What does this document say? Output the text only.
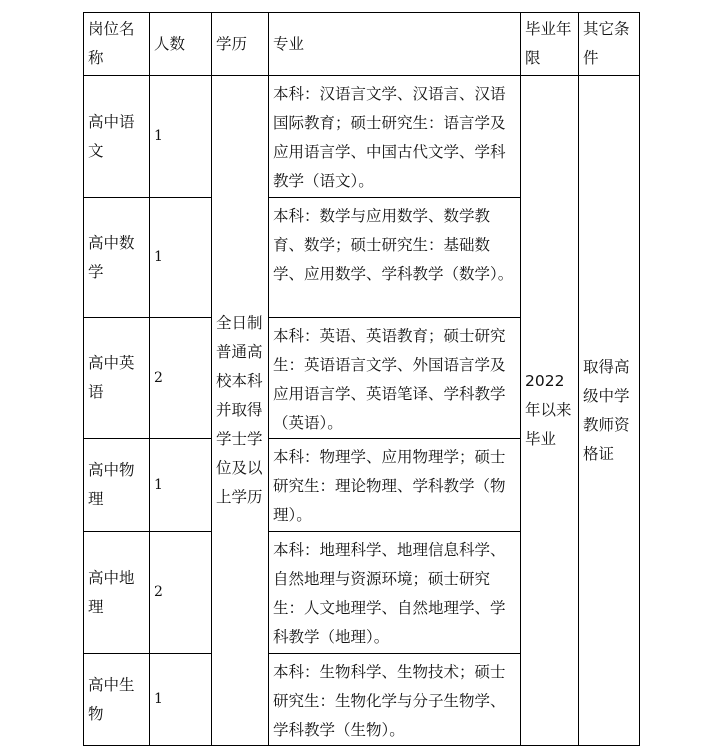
岗位名称	人数	学历	专业	毕业年限	其它条件
高中语文	1	全日制普通高校本科并取得学士学位及以上学历	本科：汉语言文学、汉语言、汉语国际教育；硕士研究生：语言学及应用语言学、中国古代文学、学科教学（语文）。	2022年以来毕业	取得高级中学教师资格证
高中数学	1		本科：数学与应用数学、数学教育、数学；硕士研究生：基础数学、应用数学、学科教学（数学）。		
高中英语	2		本科：英语、英语教育；硕士研究生：英语语言文学、外国语言学及应用语言学、英语笔译、学科教学（英语）。		
高中物理	1		本科：物理学、应用物理学；硕士研究生：理论物理、学科教学（物理）。		
高中地理	2		本科：地理科学、地理信息科学、自然地理与资源环境；硕士研究生：人文地理学、自然地理学、学科教学（地理）。		
高中生物	1		本科：生物科学、生物技术；硕士研究生：生物化学与分子生物学、学科教学（生物）。		
